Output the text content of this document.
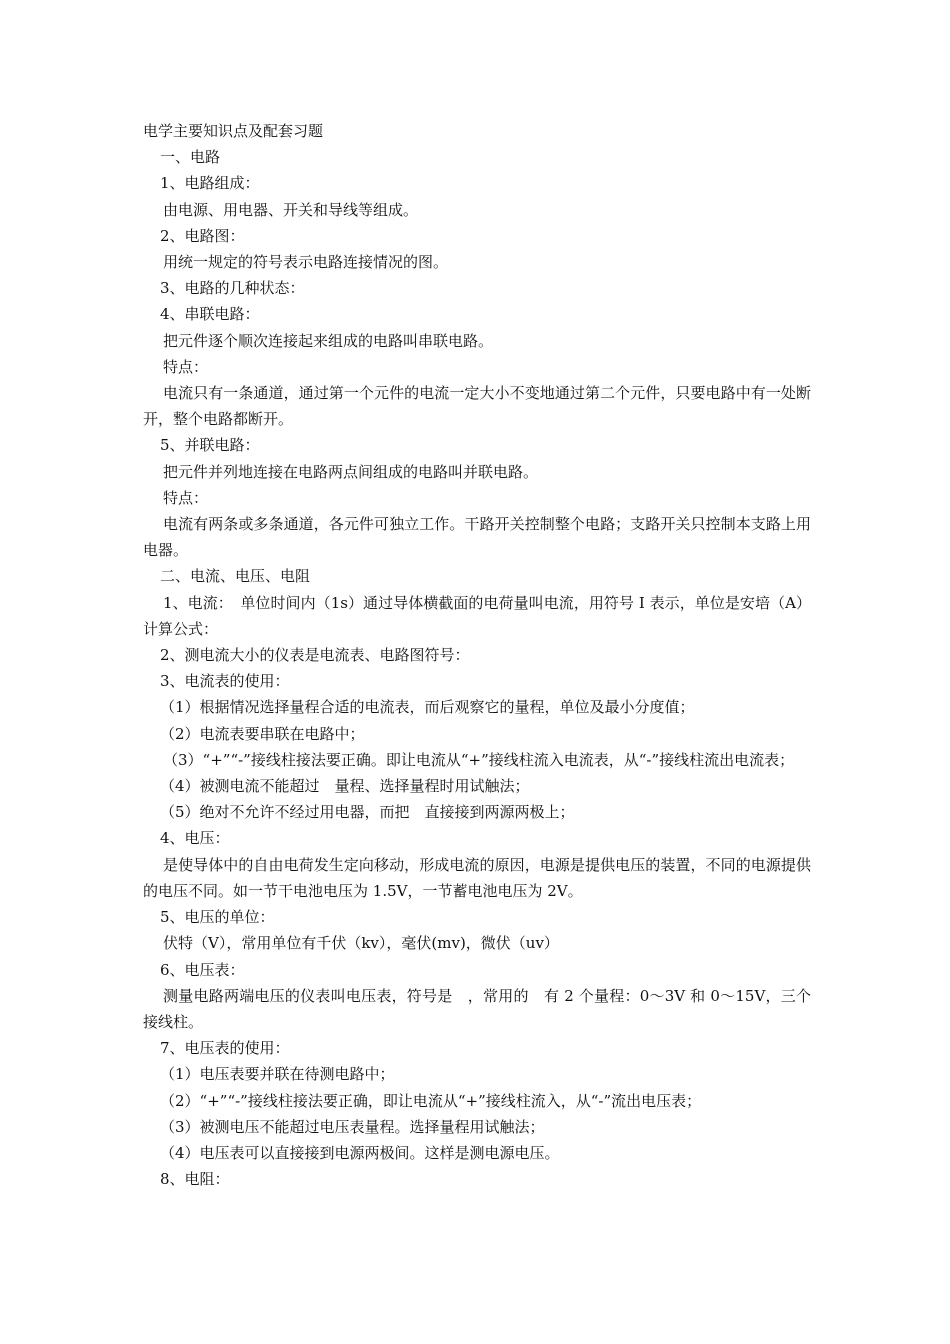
电学主要知识点及配套习题
一、电路
1、电路组成：
由电源、用电器、开关和导线等组成。
2、电路图：
用统一规定的符号表示电路连接情况的图。
3、电路的几种状态：
4、串联电路：
把元件逐个顺次连接起来组成的电路叫串联电路。
特点：
电流只有一条通道，通过第一个元件的电流一定大小不变地通过第二个元件，只要电路中有一处断开，整个电路都断开。
5、并联电路：
把元件并列地连接在电路两点间组成的电路叫并联电路。
特点：
电流有两条或多条通道，各元件可独立工作。干路开关控制整个电路；支路开关只控制本支路上用电器。
二、电流、电压、电阻
1、电流：　单位时间内（1s）通过导体横截面的电荷量叫电流，用符号 I 表示，单位是安培（A）计算公式：
2、测电流大小的仪表是电流表、电路图符号：
3、电流表的使用：
（1）根据情况选择量程合适的电流表，而后观察它的量程，单位及最小分度值；
（2）电流表要串联在电路中；
（3）“+”“-”接线柱接法要正确。即让电流从“+”接线柱流入电流表，从“-”接线柱流出电流表；
（4）被测电流不能超过　量程、选择量程时用试触法；
（5）绝对不允许不经过用电器，而把　直接接到两源两极上；
4、电压：
是使导体中的自由电荷发生定向移动，形成电流的原因，电源是提供电压的装置，不同的电源提供的电压不同。如一节干电池电压为 1.5V，一节蓄电池电压为 2V。
5、电压的单位：
伏特（V），常用单位有千伏（kv），毫伏(mv)，微伏（uv）
6、电压表：
测量电路两端电压的仪表叫电压表，符号是　，常用的　有 2 个量程：0～3V 和 0～15V，三个接线柱。
7、电压表的使用：
（1）电压表要并联在待测电路中；
（2）“+”“-”接线柱接法要正确，即让电流从“+”接线柱流入，从“-”流出电压表；
（3）被测电压不能超过电压表量程。选择量程用试触法；
（4）电压表可以直接接到电源两极间。这样是测电源电压。
8、电阻：
